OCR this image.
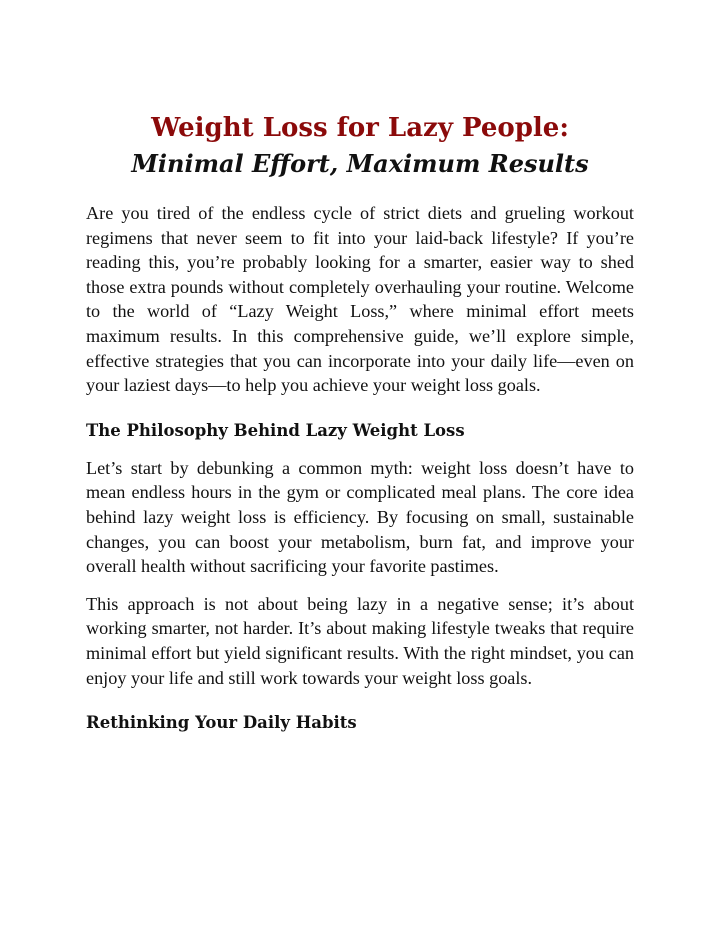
Weight Loss for Lazy People:
Minimal Effort, Maximum Results

Are you tired of the endless cycle of strict diets and grueling workout regimens that never seem to fit into your laid-back lifestyle? If you’re reading this, you’re probably looking for a smarter, easier way to shed those extra pounds without completely overhauling your routine. Welcome to the world of “Lazy Weight Loss,” where minimal effort meets maximum results. In this comprehensive guide, we’ll explore simple, effective strategies that you can incorporate into your daily life—even on your laziest days—to help you achieve your weight loss goals.

The Philosophy Behind Lazy Weight Loss

Let’s start by debunking a common myth: weight loss doesn’t have to mean endless hours in the gym or complicated meal plans. The core idea behind lazy weight loss is efficiency. By focusing on small, sustainable changes, you can boost your metabolism, burn fat, and improve your overall health without sacrificing your favorite pastimes.

This approach is not about being lazy in a negative sense; it’s about working smarter, not harder. It’s about making lifestyle tweaks that require minimal effort but yield significant results. With the right mindset, you can enjoy your life and still work towards your weight loss goals.

Rethinking Your Daily Habits
